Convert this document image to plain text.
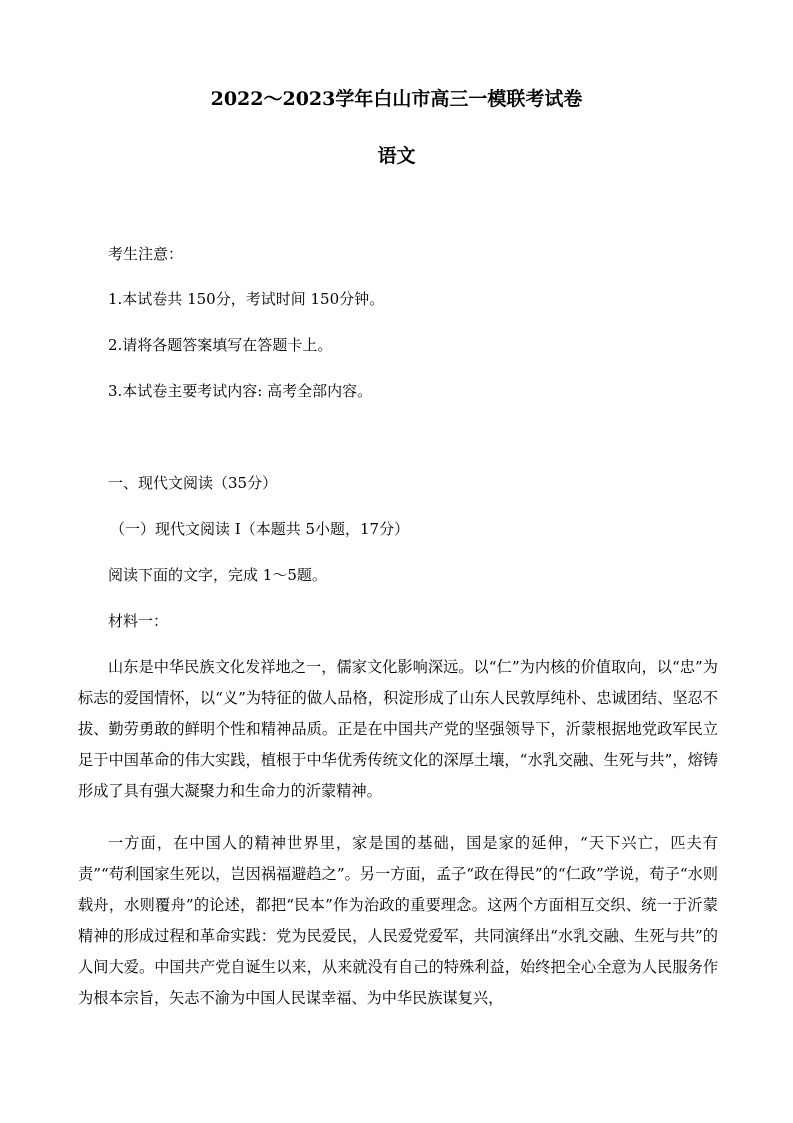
2022～2023学年白山市高三一模联考试卷
语文
考生注意：
1.本试卷共 150分，考试时间 150分钟。
2.请将各题答案填写在答题卡上。
3.本试卷主要考试内容: 高考全部内容。
一、现代文阅读（35分）
（一）现代文阅读 I（本题共 5小题，17分）
阅读下面的文字，完成 1～5题。
材料一：
山东是中华民族文化发祥地之一，儒家文化影响深远。以“仁”为内核的价值取向，以“忠”为标志的爱国情怀，以“义”为特征的做人品格，积淀形成了山东人民敦厚纯朴、忠诚团结、坚忍不拔、勤劳勇敢的鲜明个性和精神品质。正是在中国共产党的坚强领导下，沂蒙根据地党政军民立足于中国革命的伟大实践，植根于中华优秀传统文化的深厚土壤，“水乳交融、生死与共”，熔铸形成了具有强大凝聚力和生命力的沂蒙精神。
一方面，在中国人的精神世界里，家是国的基础，国是家的延伸，“天下兴亡，匹夫有责”“苟利国家生死以，岂因祸福避趋之”。另一方面，孟子“政在得民”的“仁政”学说，荀子“水则载舟，水则覆舟”的论述，都把“民本”作为治政的重要理念。这两个方面相互交织、统一于沂蒙精神的形成过程和革命实践：党为民爱民，人民爱党爱军，共同演绎出“水乳交融、生死与共”的人间大爱。中国共产党自诞生以来，从来就没有自己的特殊利益，始终把全心全意为人民服务作为根本宗旨，矢志不渝为中国人民谋幸福、为中华民族谋复兴，
